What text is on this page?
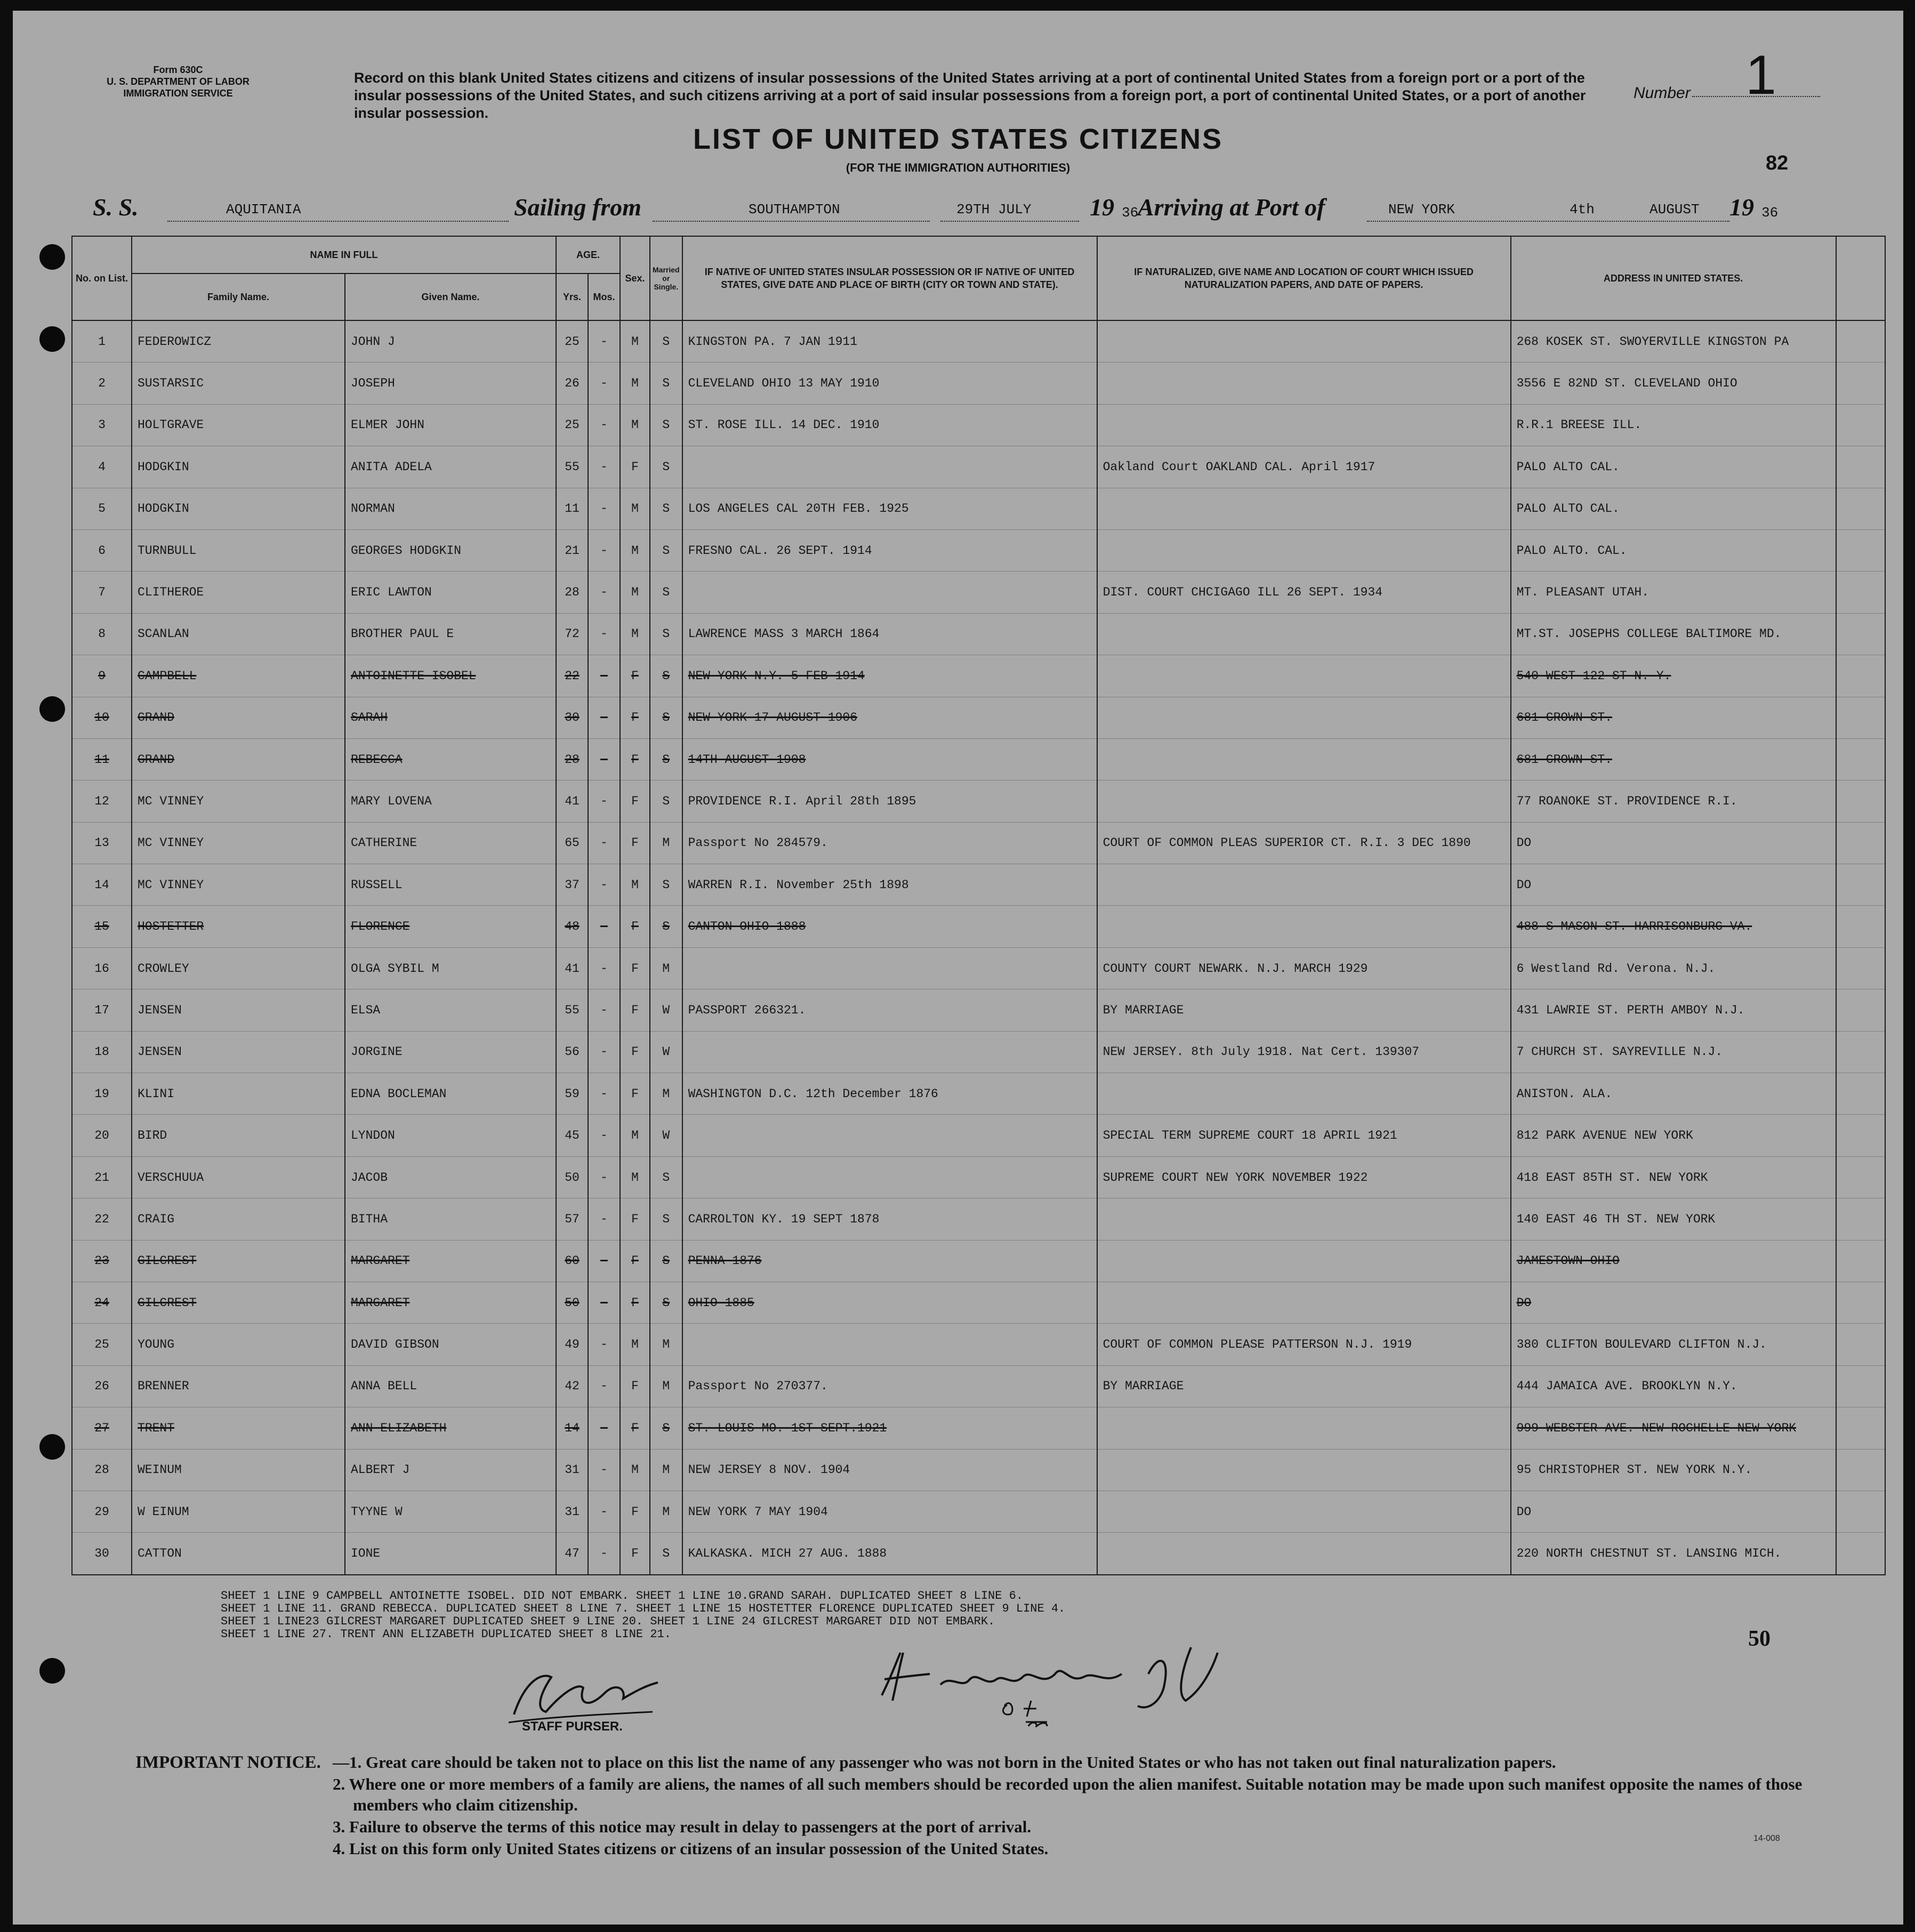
Form 630C
U. S. DEPARTMENT OF LABOR
IMMIGRATION SERVICE
Record on this blank United States citizens and citizens of insular possessions of the United States arriving at a port of continental United States from a foreign port or a port of the insular possessions of the United States, and such citizens arriving at a port of said insular possessions from a foreign port, a port of continental United States, or a port of another insular possession.
Number 1
LIST OF UNITED STATES CITIZENS
(FOR THE IMMIGRATION AUTHORITIES)	82
S. S.	AQUITANIA	Sailing from	SOUTHAMPTON	29TH JULY 19 36
Arriving at Port of	NEW YORK	4th	AUGUST 19 36
No. on List.	NAME IN FULL		AGE.		Sex.	Married or Single.	IF NATIVE OF UNITED STATES INSULAR POSSESSION OR IF NATIVE OF UNITED STATES, GIVE DATE AND PLACE OF BIRTH (CITY OR TOWN AND STATE).	IF NATURALIZED, GIVE NAME AND LOCATION OF COURT WHICH ISSUED NATURALIZATION PAPERS, AND DATE OF PAPERS.	ADDRESS IN UNITED STATES.	
	Family Name.	Given Name.	Yrs.	Mos.						
1	FEDEROWICZ	JOHN J	25	-	M	S	KINGSTON PA. 7 JAN 1911		268 KOSEK ST. SWOYERVILLE KINGSTON PA	
2	SUSTARSIC	JOSEPH	26	-	M	S	CLEVELAND OHIO 13 MAY 1910		3556 E 82ND ST. CLEVELAND OHIO	
3	HOLTGRAVE	ELMER JOHN	25	-	M	S	ST. ROSE ILL. 14 DEC. 1910		R.R.1 BREESE ILL.	
4	HODGKIN	ANITA ADELA	55	-	F	S		Oakland Court OAKLAND CAL. April 1917	PALO ALTO CAL.	
5	HODGKIN	NORMAN	11	-	M	S	LOS ANGELES CAL 20TH FEB. 1925		PALO ALTO CAL.	
6	TURNBULL	GEORGES HODGKIN	21	-	M	S	FRESNO CAL. 26 SEPT. 1914		PALO ALTO. CAL.	
7	CLITHEROE	ERIC LAWTON	28	-	M	S		DIST. COURT CHCIGAGO ILL 26 SEPT. 1934	MT. PLEASANT UTAH.	
8	SCANLAN	BROTHER PAUL E	72	-	M	S	LAWRENCE MASS 3 MARCH 1864		MT.ST. JOSEPHS COLLEGE BALTIMORE MD.	
9	CAMPBELL	ANTOINETTE ISOBEL	22	-	F	S	NEW YORK N.Y. 5 FEB 1914		540 WEST 122 ST N. Y.	
10	GRAND	SARAH	30	-	F	S	NEW YORK 17 AUGUST 1906		681 CROWN ST.	
11	GRAND	REBECCA	28	-	F	S	14TH AUGUST 1908		681 CROWN ST.	
12	MC VINNEY	MARY LOVENA	41	-	F	S	PROVIDENCE R.I. April 28th 1895		77 ROANOKE ST. PROVIDENCE R.I.	
13	MC VINNEY	CATHERINE	65	-	F	M	Passport No 284579.	COURT OF COMMON PLEAS SUPERIOR CT. R.I. 3 DEC 1890	DO	
14	MC VINNEY	RUSSELL	37	-	M	S	WARREN R.I. November 25th 1898		DO	
15	HOSTETTER	FLORENCE	48	-	F	S	CANTON OHIO 1888		488 S MASON ST. HARRISONBURG VA.	
16	CROWLEY	OLGA SYBIL M	41	-	F	M		COUNTY COURT NEWARK. N.J. MARCH 1929	6 Westland Rd. Verona. N.J.	
17	JENSEN	ELSA	55	-	F	W	PASSPORT 266321.	BY MARRIAGE	431 LAWRIE ST. PERTH AMBOY N.J.	
18	JENSEN	JORGINE	56	-	F	W		NEW JERSEY. 8th July 1918. Nat Cert. 139307	7 CHURCH ST. SAYREVILLE N.J.	
19	KLINI	EDNA BOCLEMAN	59	-	F	M	WASHINGTON D.C. 12th December 1876		ANISTON. ALA.	
20	BIRD	LYNDON	45	-	M	W		SPECIAL TERM SUPREME COURT 18 APRIL 1921	812 PARK AVENUE NEW YORK	
21	VERSCHUUA	JACOB	50	-	M	S		SUPREME COURT NEW YORK NOVEMBER 1922	418 EAST 85TH ST. NEW YORK	
22	CRAIG	BITHA	57	-	F	S	CARROLTON KY. 19 SEPT 1878		140 EAST 46 TH ST. NEW YORK	
23	GILCREST	MARGARET	60	-	F	S	PENNA 1876		JAMESTOWN OHIO	
24	GILCREST	MARGARET	50	-	F	S	OHIO 1885		DO	
25	YOUNG	DAVID GIBSON	49	-	M	M		COURT OF COMMON PLEASE PATTERSON N.J. 1919	380 CLIFTON BOULEVARD CLIFTON N.J.	
26	BRENNER	ANNA BELL	42	-	F	M	Passport No 270377.	BY MARRIAGE	444 JAMAICA AVE. BROOKLYN N.Y.	
27	TRENT	ANN ELIZABETH	14	-	F	S	ST. LOUIS MO. 1ST SEPT.1921		999 WEBSTER AVE. NEW ROCHELLE NEW YORK	
28	WEINUM	ALBERT J	31	-	M	M	NEW JERSEY 8 NOV. 1904		95 CHRISTOPHER ST. NEW YORK N.Y.	
29	W EINUM	TYYNE W	31	-	F	M	NEW YORK 7 MAY 1904		DO	
30	CATTON	IONE	47	-	F	S	KALKASKA. MICH 27 AUG. 1888		220 NORTH CHESTNUT ST. LANSING MICH.	
SHEET 1 LINE 9 CAMPBELL ANTOINETTE ISOBEL. DID NOT EMBARK. SHEET 1 LINE 10.GRAND SARAH. DUPLICATED SHEET 8 LINE 6.
SHEET 1 LINE 11. GRAND REBECCA. DUPLICATED SHEET 8 LINE 7. SHEET 1 LINE 15 HOSTETTER FLORENCE DUPLICATED SHEET 9 LINE 4.
SHEET 1 LINE23 GILCREST MARGARET DUPLICATED SHEET 9 LINE 20. SHEET 1 LINE 24 GILCREST MARGARET DID NOT EMBARK.
SHEET 1 LINE 27. TRENT ANN ELIZABETH DUPLICATED SHEET 8 LINE 21.	50
STAFF PURSER.
IMPORTANT NOTICE. —1. Great care should be taken not to place on this list the name of any passenger who was not born in the United States or who has not taken out final naturalization papers.

2. Where one or more members of a family are aliens, the names of all such members should be recorded upon the alien manifest. Suitable notation may be made upon such manifest opposite the names of those members who claim citizenship.

3. Failure to observe the terms of this notice may result in delay to passengers at the port of arrival.

4. List on this form only United States citizens or citizens of an insular possession of the United States.

14-008
